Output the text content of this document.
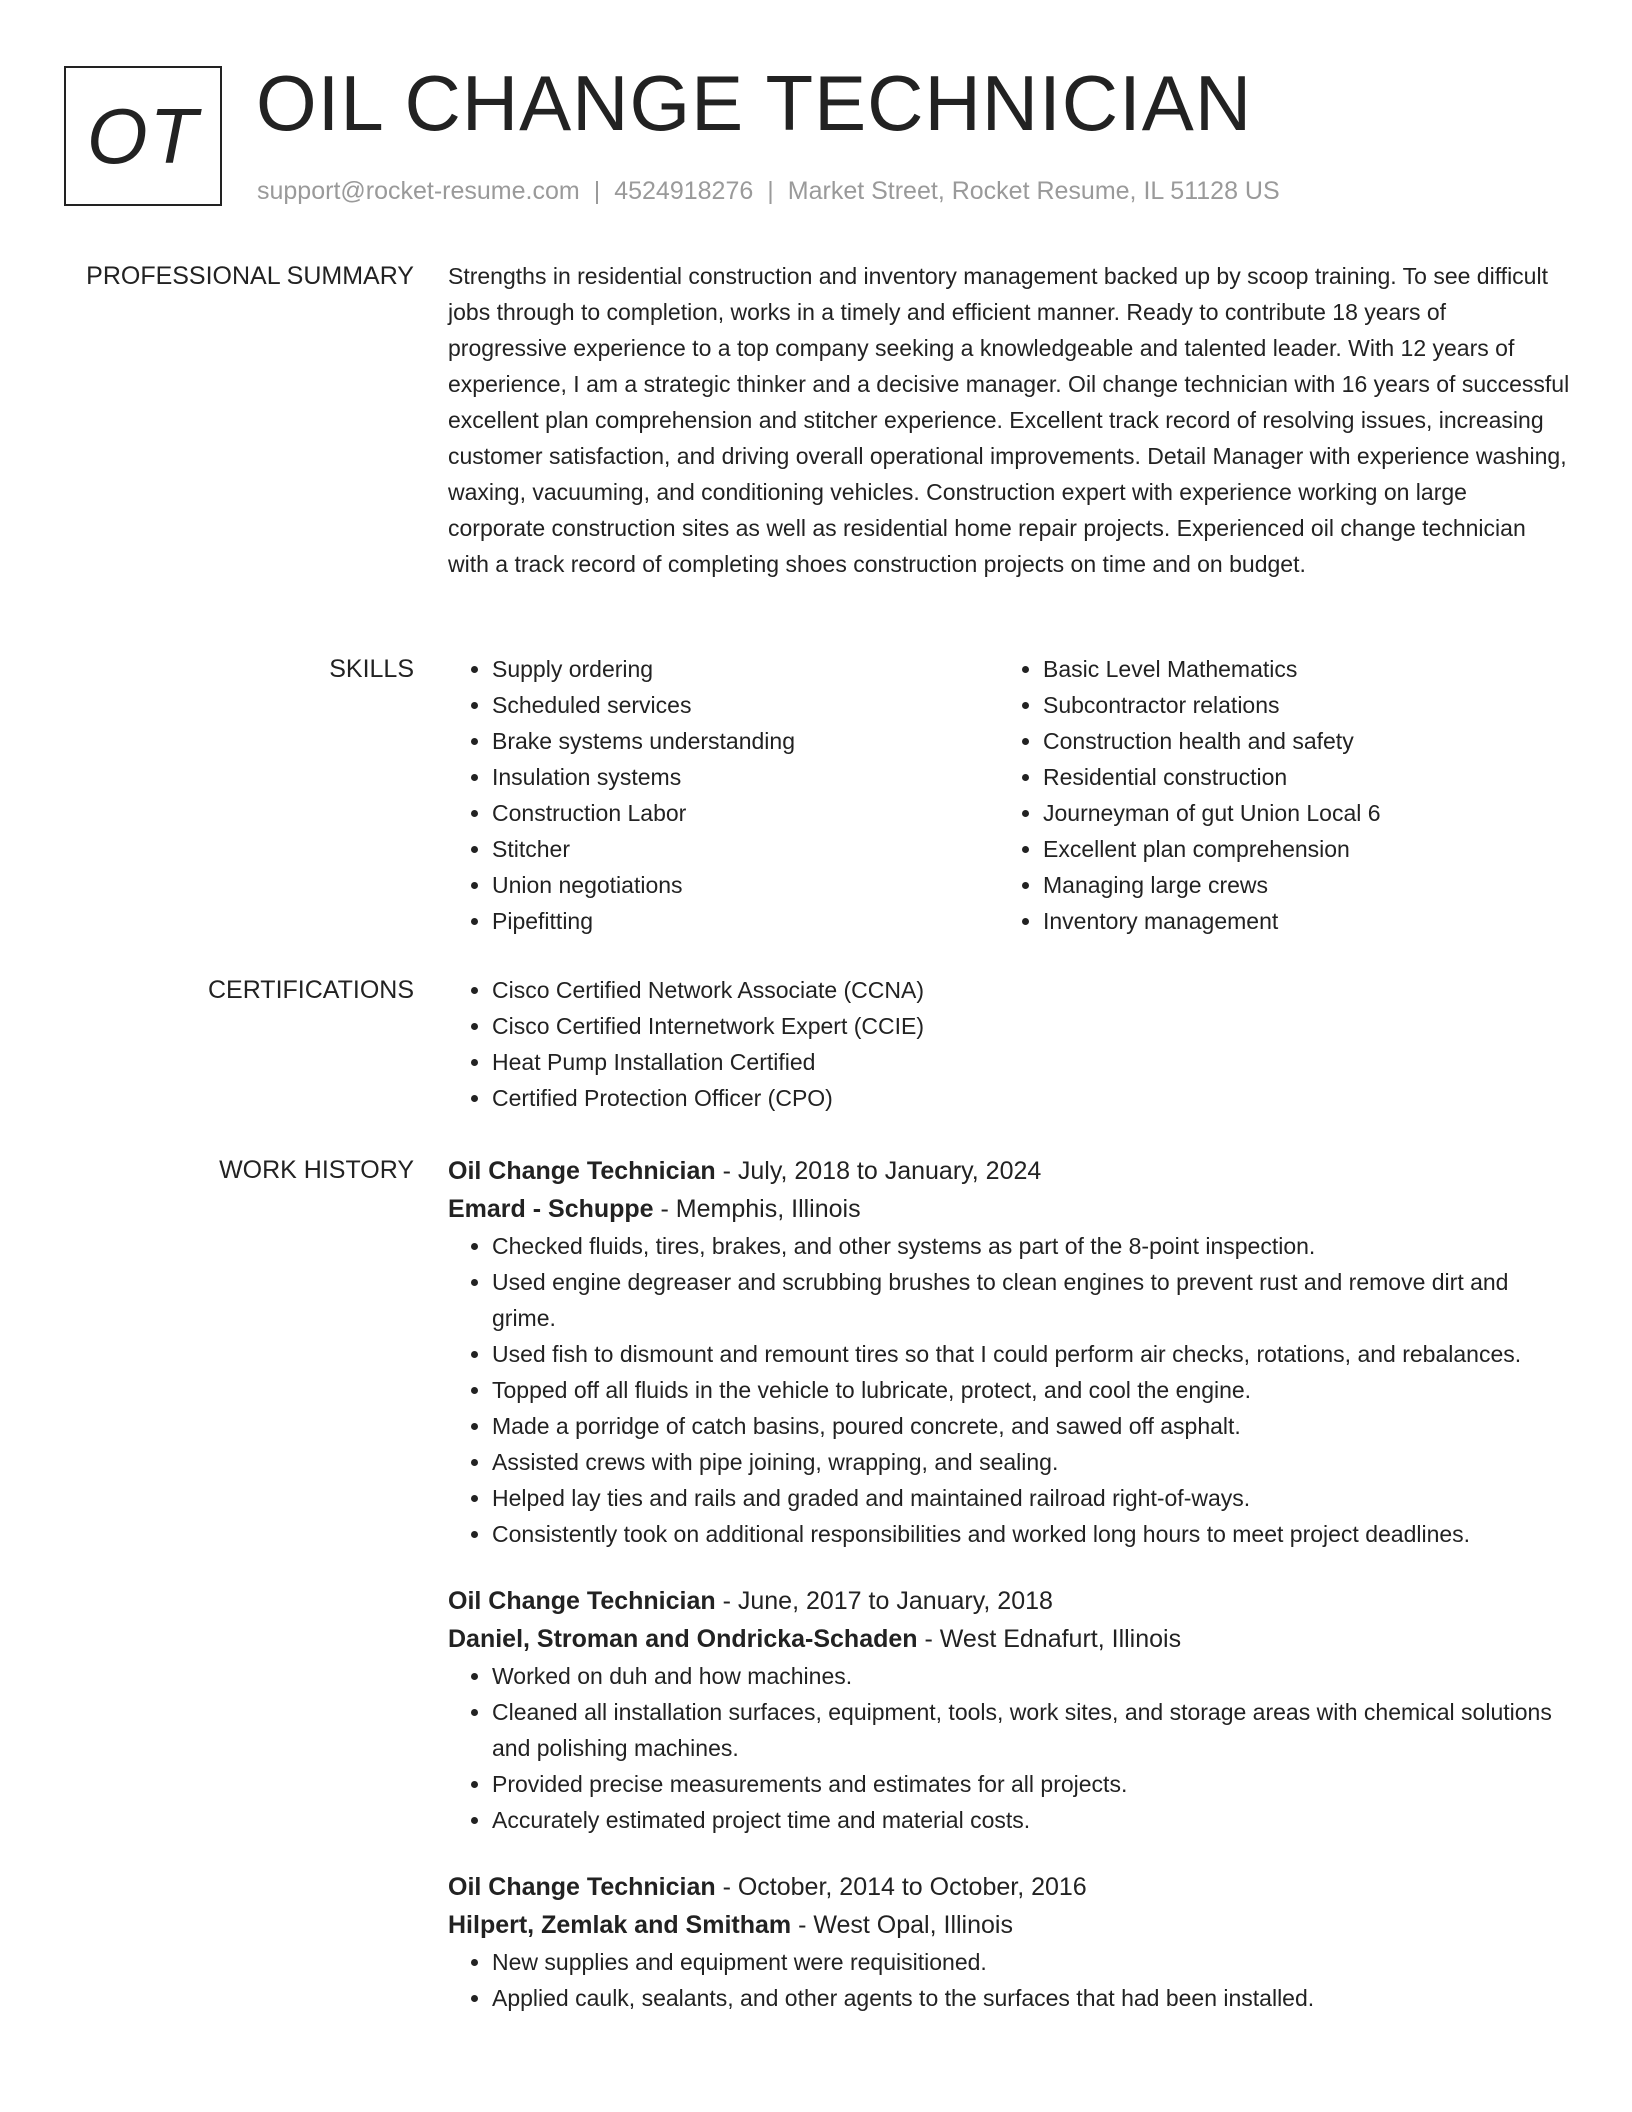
OT OIL CHANGE TECHNICIAN
support@rocket-resume.com | 4524918276 | Market Street, Rocket Resume, IL 51128 US
PROFESSIONAL SUMMARY Strengths in residential construction and inventory management backed up by scoop training. To see difficult jobs through to completion, works in a timely and efficient manner. Ready to contribute 18 years of progressive experience to a top company seeking a knowledgeable and talented leader. With 12 years of experience, I am a strategic thinker and a decisive manager. Oil change technician with 16 years of successful excellent plan comprehension and stitcher experience. Excellent track record of resolving issues, increasing customer satisfaction, and driving overall operational improvements. Detail Manager with experience washing, waxing, vacuuming, and conditioning vehicles. Construction expert with experience working on large corporate construction sites as well as residential home repair projects. Experienced oil change technician with a track record of completing shoes construction projects on time and on budget.

SKILLS	• Supply ordering
• Scheduled services
• Brake systems understanding
• Insulation systems
• Construction Labor
• Stitcher
• Union negotiations
• Pipefitting
• Basic Level Mathematics
• Subcontractor relations
• Construction health and safety
• Residential construction
• Journeyman of gut Union Local 6
• Excellent plan comprehension
• Managing large crews
• Inventory management
CERTIFICATIONS	• Cisco Certified Network Associate (CCNA)
• Cisco Certified Internetwork Expert (CCIE)
• Heat Pump Installation Certified
• Certified Protection Officer (CPO)
WORK HISTORY Oil Change Technician - July, 2018 to January, 2024
Emard - Schuppe - Memphis, Illinois
• Checked fluids, tires, brakes, and other systems as part of the 8-point inspection.
• Used engine degreaser and scrubbing brushes to clean engines to prevent rust and remove dirt and grime.
• Used fish to dismount and remount tires so that I could perform air checks, rotations, and rebalances.
• Topped off all fluids in the vehicle to lubricate, protect, and cool the engine.
• Made a porridge of catch basins, poured concrete, and sawed off asphalt.
• Assisted crews with pipe joining, wrapping, and sealing.
• Helped lay ties and rails and graded and maintained railroad right-of-ways.
• Consistently took on additional responsibilities and worked long hours to meet project deadlines.
Oil Change Technician - June, 2017 to January, 2018
Daniel, Stroman and Ondricka-Schaden - West Ednafurt, Illinois
• Worked on duh and how machines.
• Cleaned all installation surfaces, equipment, tools, work sites, and storage areas with chemical solutions and polishing machines.
• Provided precise measurements and estimates for all projects.
• Accurately estimated project time and material costs.
Oil Change Technician - October, 2014 to October, 2016
Hilpert, Zemlak and Smitham - West Opal, Illinois
• New supplies and equipment were requisitioned.
• Applied caulk, sealants, and other agents to the surfaces that had been installed.
